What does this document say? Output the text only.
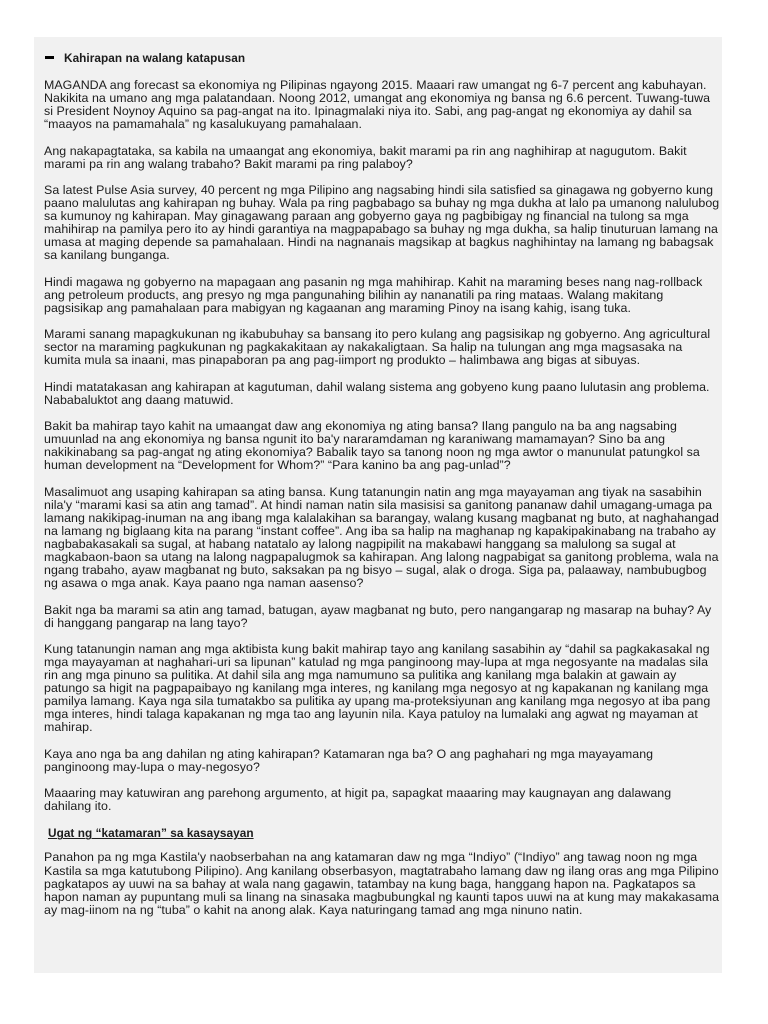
Kahirapan na walang katapusan

MAGANDA ang forecast sa ekonomiya ng Pilipinas ngayong 2015. Maaari raw umangat ng 6-7 percent ang kabuhayan. Nakikita na umano ang mga palatandaan. Noong 2012, umangat ang ekonomiya ng bansa ng 6.6 percent. Tuwang-tuwa si President Noynoy Aquino sa pag-angat na ito. Ipinagmalaki niya ito. Sabi, ang pag-angat ng ekonomiya ay dahil sa “maayos na pamamahala” ng kasalukuyang pamahalaan.

Ang nakapagtataka, sa kabila na umaangat ang ekonomiya, bakit marami pa rin ang naghihirap at nagugutom. Bakit marami pa rin ang walang trabaho? Bakit marami pa ring palaboy?

Sa latest Pulse Asia survey, 40 percent ng mga Pilipino ang nagsabing hindi sila satisfied sa ginagawa ng gobyerno kung paano malulutas ang kahirapan ng buhay. Wala pa ring pagbabago sa buhay ng mga dukha at lalo pa umanong nalulubog sa kumunoy ng kahirapan. May ginagawang paraan ang gobyerno gaya ng pagbibigay ng financial na tulong sa mga mahihirap na pamilya pero ito ay hindi garantiya na magpapabago sa buhay ng mga dukha, sa halip tinuturuan lamang na umasa at maging depende sa pamahalaan. Hindi na nagnanais magsikap at bagkus naghihintay na lamang ng babagsak sa kanilang bunganga.

Hindi magawa ng gobyerno na mapagaan ang pasanin ng mga mahihirap. Kahit na maraming beses nang nag-rollback ang petroleum products, ang presyo ng mga pangunahing bilihin ay nananatili pa ring mataas. Walang makitang pagsisikap ang pamahalaan para mabigyan ng kagaanan ang maraming Pinoy na isang kahig, isang tuka.

Marami sanang mapagkukunan ng ikabubuhay sa bansang ito pero kulang ang pagsisikap ng gobyerno. Ang agricultural sector na maraming pagkukunan ng pagkakakitaan ay nakakaligtaan. Sa halip na tulungan ang mga magsasaka na kumita mula sa inaani, mas pinapaboran pa ang pag-iimport ng produkto – halimbawa ang bigas at sibuyas.

Hindi matatakasan ang kahirapan at kagutuman, dahil walang sistema ang gobyeno kung paano lulutasin ang problema. Nababaluktot ang daang matuwid.

Bakit ba mahirap tayo kahit na umaangat daw ang ekonomiya ng ating bansa? Ilang pangulo na ba ang nagsabing umuunlad na ang ekonomiya ng bansa ngunit ito ba'y nararamdaman ng karaniwang mamamayan? Sino ba ang nakikinabang sa pag-angat ng ating ekonomiya? Babalik tayo sa tanong noon ng mga awtor o manunulat patungkol sa human development na “Development for Whom?” “Para kanino ba ang pag-unlad”?

Masalimuot ang usaping kahirapan sa ating bansa. Kung tatanungin natin ang mga mayayaman ang tiyak na sasabihin nila'y “marami kasi sa atin ang tamad”. At hindi naman natin sila masisisi sa ganitong pananaw dahil umagang-umaga pa lamang nakikipag-inuman na ang ibang mga kalalakihan sa barangay, walang kusang magbanat ng buto, at naghahangad na lamang ng biglaang kita na parang “instant coffee”. Ang iba sa halip na maghanap ng kapakipakinabang na trabaho ay nagbabakasakali sa sugal, at habang natatalo ay lalong nagpipilit na makabawi hanggang sa malulong sa sugal at magkabaon-baon sa utang na lalong nagpapalugmok sa kahirapan. Ang lalong nagpabigat sa ganitong problema, wala na ngang trabaho, ayaw magbanat ng buto, saksakan pa ng bisyo – sugal, alak o droga. Siga pa, palaaway, nambubugbog ng asawa o mga anak. Kaya paano nga naman aasenso?

Bakit nga ba marami sa atin ang tamad, batugan, ayaw magbanat ng buto, pero nangangarap ng masarap na buhay? Ay di hanggang pangarap na lang tayo?

Kung tatanungin naman ang mga aktibista kung bakit mahirap tayo ang kanilang sasabihin ay “dahil sa pagkakasakal ng mga mayayaman at naghahari-uri sa lipunan” katulad ng mga panginoong may-lupa at mga negosyante na madalas sila rin ang mga pinuno sa pulitika. At dahil sila ang mga namumuno sa pulitika ang kanilang mga balakin at gawain ay patungo sa higit na pagpapaibayo ng kanilang mga interes, ng kanilang mga negosyo at ng kapakanan ng kanilang mga pamilya lamang. Kaya nga sila tumatakbo sa pulitika ay upang ma-proteksiyunan ang kanilang mga negosyo at iba pang mga interes, hindi talaga kapakanan ng mga tao ang layunin nila. Kaya patuloy na lumalaki ang agwat ng mayaman at mahirap.

Kaya ano nga ba ang dahilan ng ating kahirapan? Katamaran nga ba? O ang paghahari ng mga mayayamang panginoong may-lupa o may-negosyo?

Maaaring may katuwiran ang parehong argumento, at higit pa, sapagkat maaaring may kaugnayan ang dalawang dahilang ito.

Ugat ng “katamaran” sa kasaysayan

Panahon pa ng mga Kastila'y naobserbahan na ang katamaran daw ng mga “Indiyo” (“Indiyo” ang tawag noon ng mga Kastila sa mga katutubong Pilipino). Ang kanilang obserbasyon, magtatrabaho lamang daw ng ilang oras ang mga Pilipino pagkatapos ay uuwi na sa bahay at wala nang gagawin, tatambay na kung baga, hanggang hapon na. Pagkatapos sa hapon naman ay pupuntang muli sa linang na sinasaka magbubungkal ng kaunti tapos uuwi na at kung may makakasama ay mag-iinom na ng “tuba” o kahit na anong alak. Kaya naturingang tamad ang mga ninuno natin.
